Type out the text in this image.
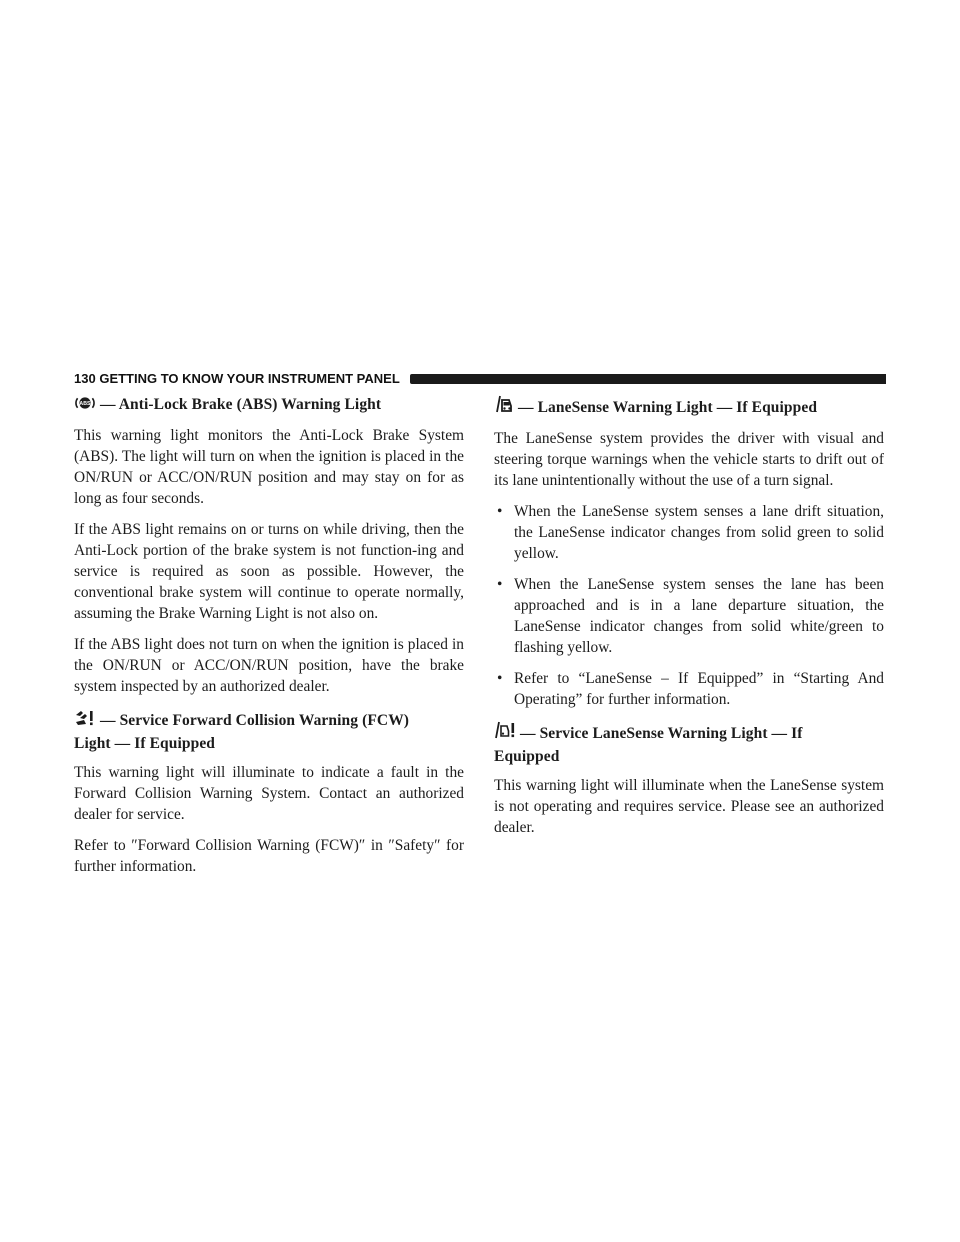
130 GETTING TO KNOW YOUR INSTRUMENT PANEL
ABS — Anti-Lock Brake (ABS) Warning Light

This warning light monitors the Anti-Lock Brake System (ABS). The light will turn on when the ignition is placed in the ON/RUN or ACC/ON/RUN position and may stay on for as long as four seconds.

If the ABS light remains on or turns on while driving, then the Anti-Lock portion of the brake system is not function-ing and service is required as soon as possible. However, the conventional brake system will continue to operate normally, assuming the Brake Warning Light is not also on.

If the ABS light does not turn on when the ignition is placed in the ON/RUN or ACC/ON/RUN position, have the brake system inspected by an authorized dealer.

— Service Forward Collision Warning (FCW)
Light — If Equipped

This warning light will illuminate to indicate a fault in the Forward Collision Warning System. Contact an authorized dealer for service.

Refer to ″Forward Collision Warning (FCW)″ in ″Safety″ for further information.

— LaneSense Warning Light — If Equipped

The LaneSense system provides the driver with visual and steering torque warnings when the vehicle starts to drift out of its lane unintentionally without the use of a turn signal.

• When the LaneSense system senses a lane drift situation, the LaneSense indicator changes from solid green to solid yellow.
• When the LaneSense system senses the lane has been approached and is in a lane departure situation, the LaneSense indicator changes from solid white/green to flashing yellow.
• Refer to “LaneSense – If Equipped” in “Starting And Operating” for further information.
— Service LaneSense Warning Light — If
Equipped

This warning light will illuminate when the LaneSense system is not operating and requires service. Please see an authorized dealer.
